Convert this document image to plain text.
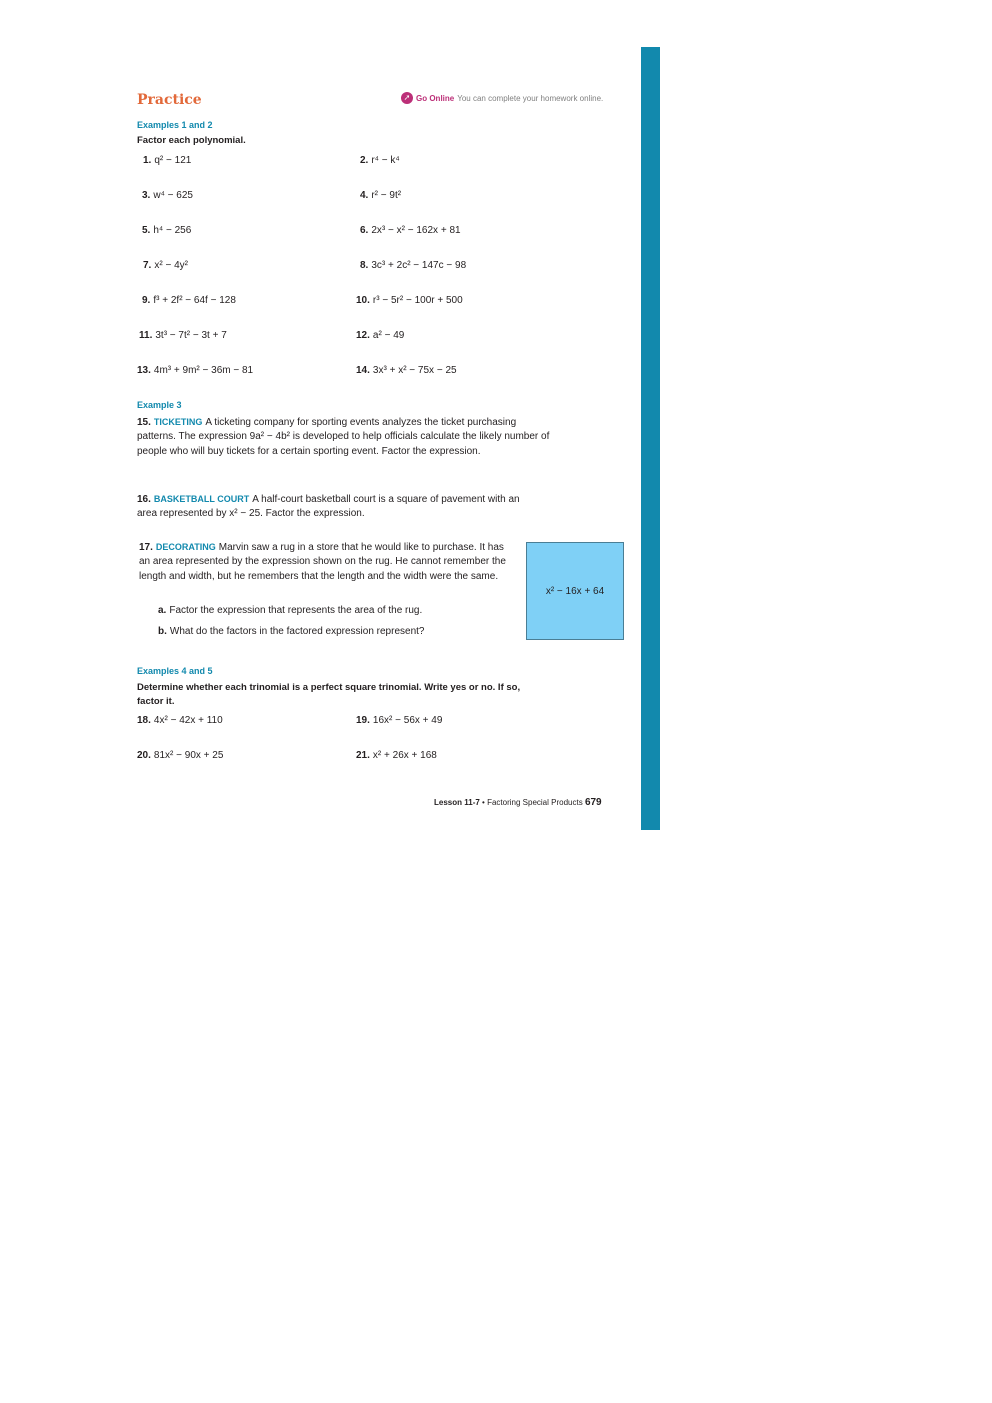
Practice	➚ Go Online You can complete your homework online.
Examples 1 and 2
Factor each polynomial.
1. q² − 121	2. r⁴ − k⁴
3. w⁴ − 625	4. r² − 9t²
5. h⁴ − 256	6. 2x³ − x² − 162x + 81
7. x² − 4y²	8. 3c³ + 2c² − 147c − 98
9. f³ + 2f² − 64f − 128	10. r³ − 5r² − 100r + 500
11. 3t³ − 7t² − 3t + 7	12. a² − 49
13. 4m³ + 9m² − 36m − 81	14. 3x³ + x² − 75x − 25
Example 3
15. TICKETING A ticketing company for sporting events analyzes the ticket purchasing patterns. The expression 9a² − 4b² is developed to help officials calculate the likely number of people who will buy tickets for a certain sporting event. Factor the expression.
16. BASKETBALL COURT A half-court basketball court is a square of pavement with an area represented by x² − 25. Factor the expression.
17. DECORATING Marvin saw a rug in a store that he would like to purchase. It has an area represented by the expression shown on the rug. He cannot remember the length and width, but he remembers that the length and the width were the same.
a. Factor the expression that represents the area of the rug.
b. What do the factors in the factored expression represent?
x² − 16x + 64
Examples 4 and 5
Determine whether each trinomial is a perfect square trinomial. Write yes or no. If so, factor it.
18. 4x² − 42x + 110	19. 16x² − 56x + 49
20. 81x² − 90x + 25	21. x² + 26x + 168
Lesson 11-7 • Factoring Special Products 679
